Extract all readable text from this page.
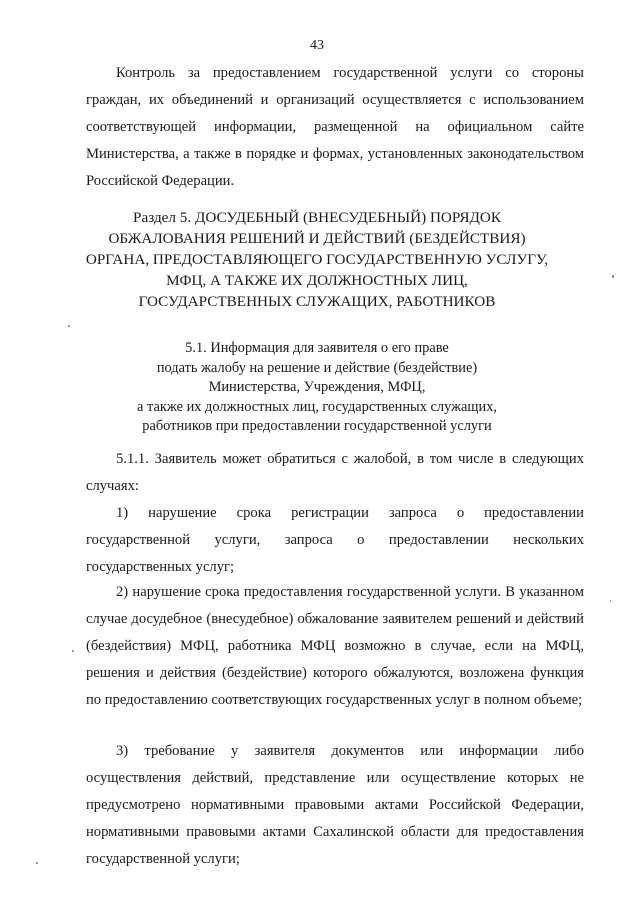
43

Контроль за предоставлением государственной услуги со стороны граждан, их объединений и организаций осуществляется с использованием соответствующей информации, размещенной на официальном сайте Министерства, а также в порядке и формах, установленных законодательством Российской Федерации.

Раздел 5. ДОСУДЕБНЫЙ (ВНЕСУДЕБНЫЙ) ПОРЯДОК
ОБЖАЛОВАНИЯ РЕШЕНИЙ И ДЕЙСТВИЙ (БЕЗДЕЙСТВИЯ)
ОРГАНА, ПРЕДОСТАВЛЯЮЩЕГО ГОСУДАРСТВЕННУЮ УСЛУГУ,
МФЦ, А ТАКЖЕ ИХ ДОЛЖНОСТНЫХ ЛИЦ,
ГОСУДАРСТВЕННЫХ СЛУЖАЩИХ, РАБОТНИКОВ
5.1. Информация для заявителя о его праве
подать жалобу на решение и действие (бездействие)
Министерства, Учреждения, МФЦ,
а также их должностных лиц, государственных служащих,
работников при предоставлении государственной услуги

5.1.1. Заявитель может обратиться с жалобой, в том числе в следующих случаях:

1) нарушение срока регистрации запроса о предоставлении государственной услуги, запроса о предоставлении нескольких государственных услуг;

2) нарушение срока предоставления государственной услуги. В указанном случае досудебное (внесудебное) обжалование заявителем решений и действий (бездействия) МФЦ, работника МФЦ возможно в случае, если на МФЦ, решения и действия (бездействие) которого обжалуются, возложена функция по предоставлению соответствующих государственных услуг в полном объеме;

3) требование у заявителя документов или информации либо осуществления действий, представление или осуществление которых не предусмотрено нормативными правовыми актами Российской Федерации, нормативными правовыми актами Сахалинской области для предоставления государственной услуги;
